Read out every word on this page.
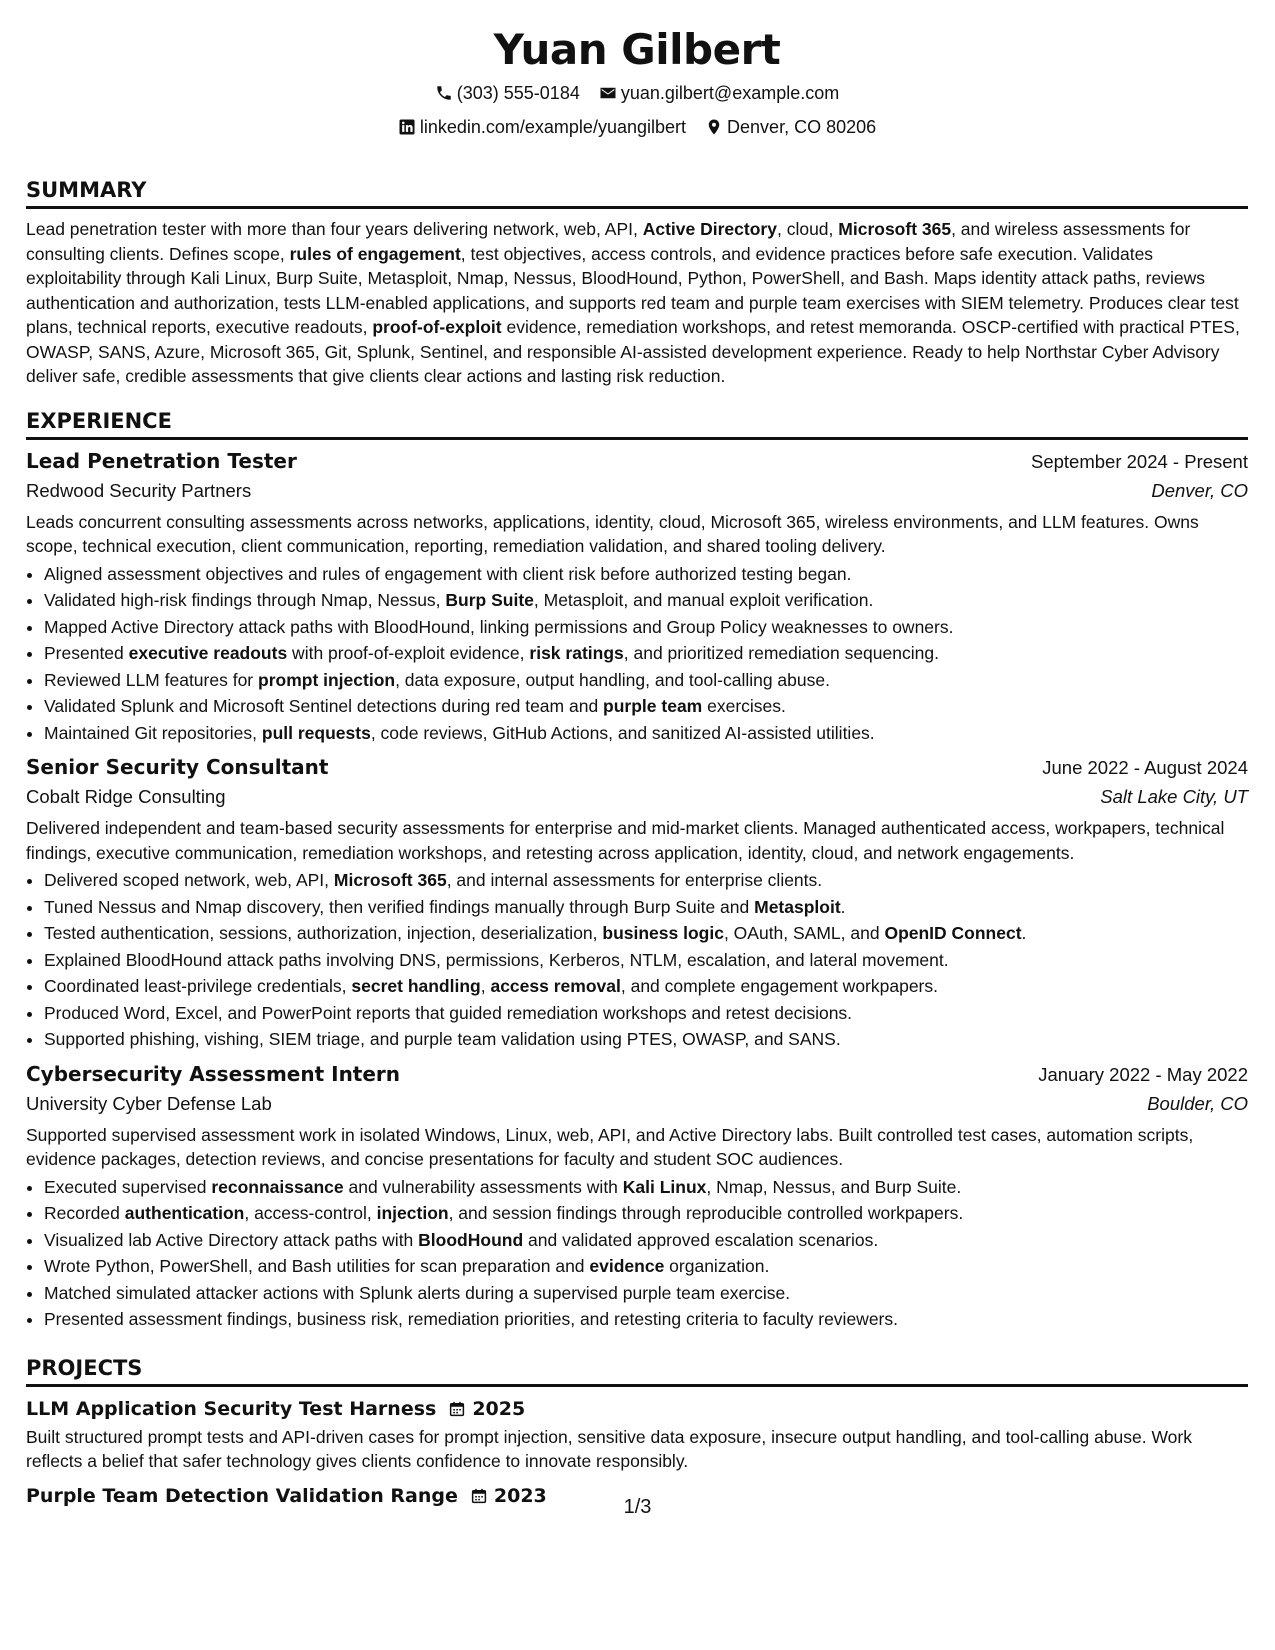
Yuan Gilbert
(303) 555-0184
yuan.gilbert@example.com
linkedin.com/example/yuangilbert
Denver, CO 80206
SUMMARY

Lead penetration tester with more than four years delivering network, web, API, Active Directory, cloud, Microsoft 365, and wireless assessments for consulting clients. Defines scope, rules of engagement, test objectives, access controls, and evidence practices before safe execution. Validates exploitability through Kali Linux, Burp Suite, Metasploit, Nmap, Nessus, BloodHound, Python, PowerShell, and Bash. Maps identity attack paths, reviews authentication and authorization, tests LLM-enabled applications, and supports red team and purple team exercises with SIEM telemetry. Produces clear test plans, technical reports, executive readouts, proof-of-exploit evidence, remediation workshops, and retest memoranda. OSCP-certified with practical PTES, OWASP, SANS, Azure, Microsoft 365, Git, Splunk, Sentinel, and responsible AI-assisted development experience. Ready to help Northstar Cyber Advisory deliver safe, credible assessments that give clients clear actions and lasting risk reduction.

EXPERIENCE
Lead Penetration Tester	September 2024 - Present
Redwood Security Partners	Denver, CO
Leads concurrent consulting assessments across networks, applications, identity, cloud, Microsoft 365, wireless environments, and LLM features. Owns scope, technical execution, client communication, reporting, remediation validation, and shared tooling delivery.
• Aligned assessment objectives and rules of engagement with client risk before authorized testing began.
• Validated high-risk findings through Nmap, Nessus, Burp Suite, Metasploit, and manual exploit verification.
• Mapped Active Directory attack paths with BloodHound, linking permissions and Group Policy weaknesses to owners.
• Presented executive readouts with proof-of-exploit evidence, risk ratings, and prioritized remediation sequencing.
• Reviewed LLM features for prompt injection, data exposure, output handling, and tool-calling abuse.
• Validated Splunk and Microsoft Sentinel detections during red team and purple team exercises.
• Maintained Git repositories, pull requests, code reviews, GitHub Actions, and sanitized AI-assisted utilities.
Senior Security Consultant	June 2022 - August 2024
Cobalt Ridge Consulting	Salt Lake City, UT
Delivered independent and team-based security assessments for enterprise and mid-market clients. Managed authenticated access, workpapers, technical findings, executive communication, remediation workshops, and retesting across application, identity, cloud, and network engagements.
• Delivered scoped network, web, API, Microsoft 365, and internal assessments for enterprise clients.
• Tuned Nessus and Nmap discovery, then verified findings manually through Burp Suite and Metasploit.
• Tested authentication, sessions, authorization, injection, deserialization, business logic, OAuth, SAML, and OpenID Connect.
• Explained BloodHound attack paths involving DNS, permissions, Kerberos, NTLM, escalation, and lateral movement.
• Coordinated least-privilege credentials, secret handling, access removal, and complete engagement workpapers.
• Produced Word, Excel, and PowerPoint reports that guided remediation workshops and retest decisions.
• Supported phishing, vishing, SIEM triage, and purple team validation using PTES, OWASP, and SANS.
Cybersecurity Assessment Intern	January 2022 - May 2022
University Cyber Defense Lab	Boulder, CO
Supported supervised assessment work in isolated Windows, Linux, web, API, and Active Directory labs. Built controlled test cases, automation scripts, evidence packages, detection reviews, and concise presentations for faculty and student SOC audiences.
• Executed supervised reconnaissance and vulnerability assessments with Kali Linux, Nmap, Nessus, and Burp Suite.
• Recorded authentication, access-control, injection, and session findings through reproducible controlled workpapers.
• Visualized lab Active Directory attack paths with BloodHound and validated approved escalation scenarios.
• Wrote Python, PowerShell, and Bash utilities for scan preparation and evidence organization.
• Matched simulated attacker actions with Splunk alerts during a supervised purple team exercise.
• Presented assessment findings, business risk, remediation priorities, and retesting criteria to faculty reviewers.
PROJECTS
LLM Application Security Test Harness 2025
Built structured prompt tests and API-driven cases for prompt injection, sensitive data exposure, insecure output handling, and tool-calling abuse. Work reflects a belief that safer technology gives clients confidence to innovate responsibly.
Purple Team Detection Validation Range 2023
1/3
